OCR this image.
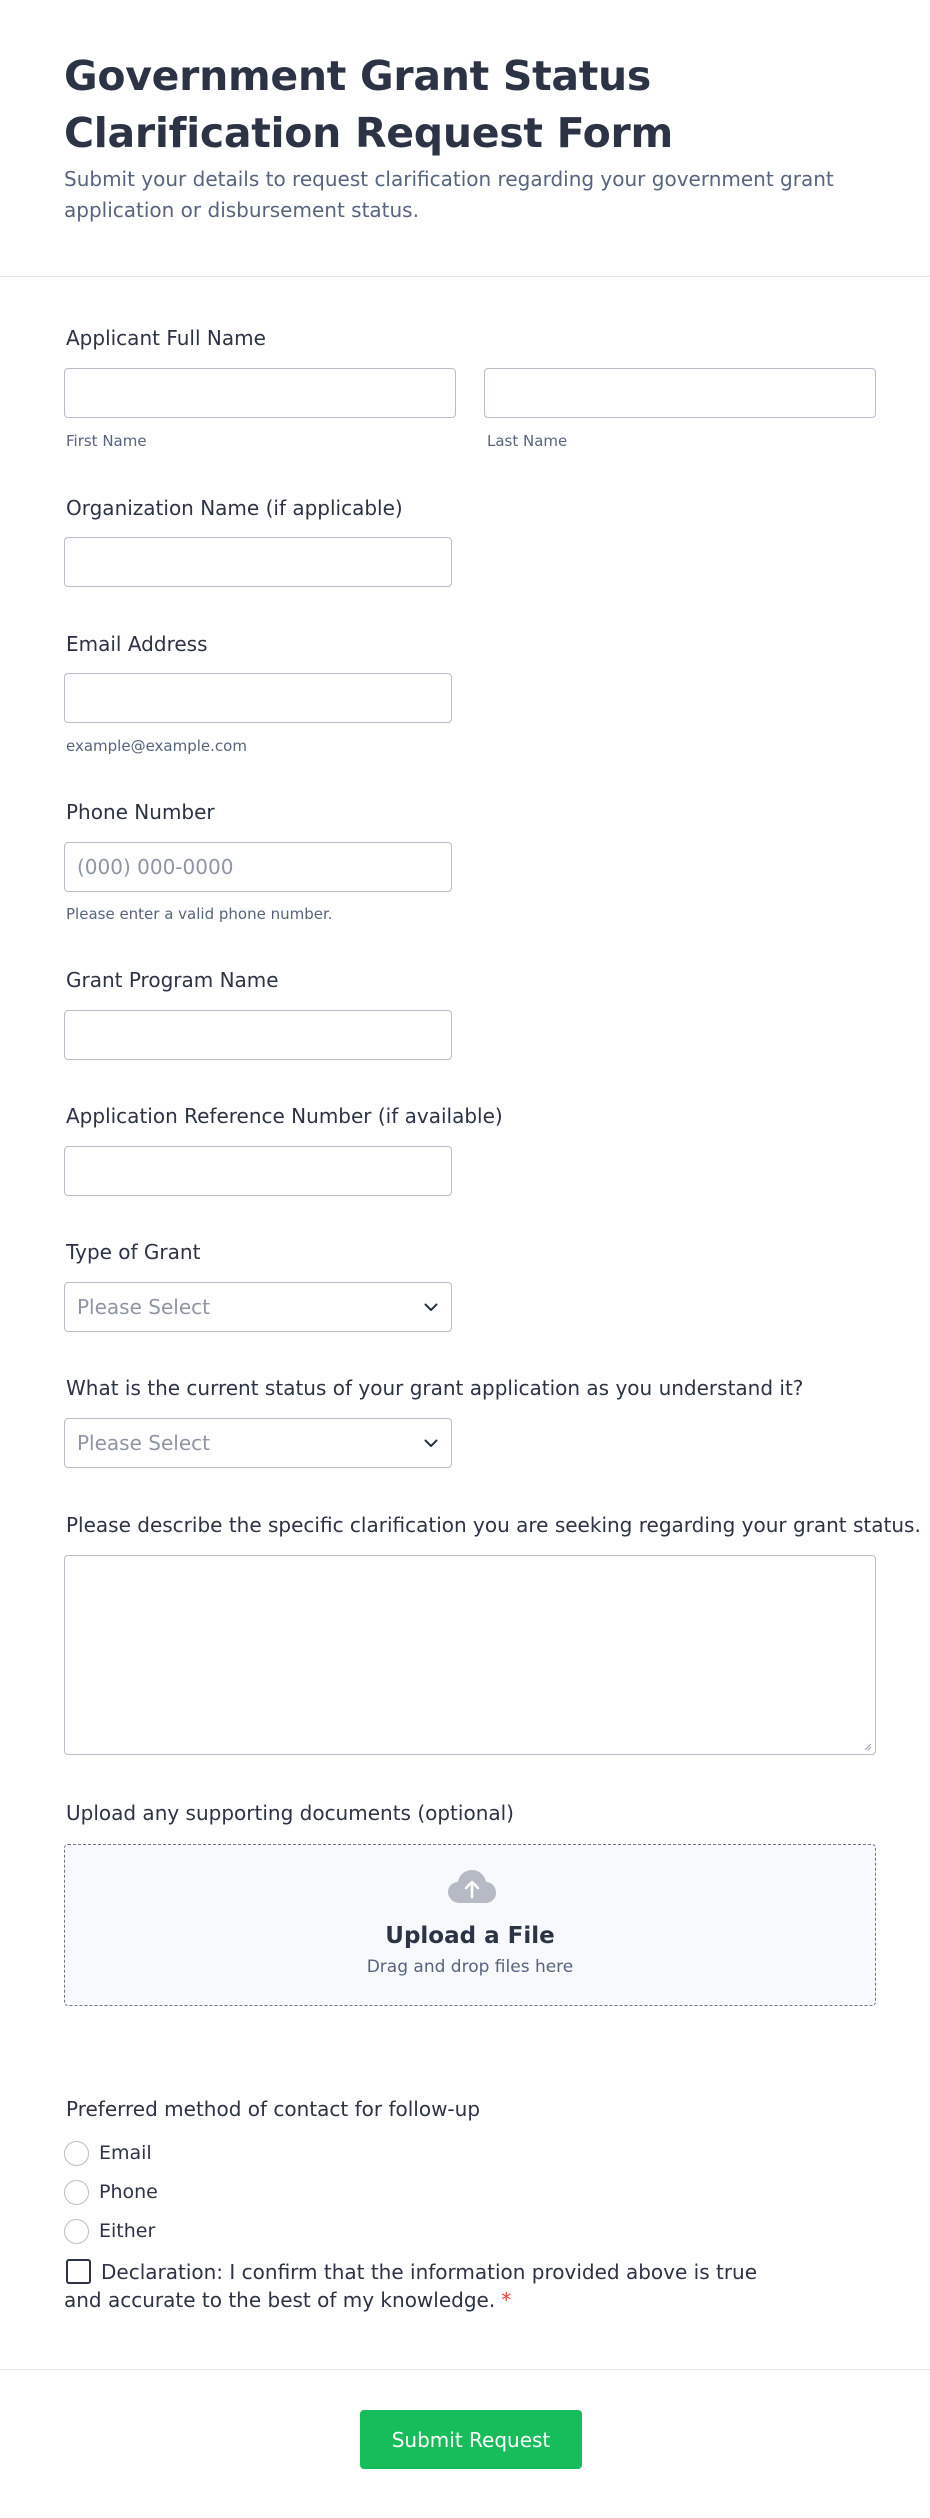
Government Grant Status Clarification Request Form

Submit your details to request clarification regarding your government grant application or disbursement status.

Applicant Full Name
First Name	Last Name
Organization Name (if applicable)
Email Address
example@example.com
Phone Number
(000) 000-0000
Please enter a valid phone number.
Grant Program Name
Application Reference Number (if available)
Type of Grant
Please Select
What is the current status of your grant application as you understand it?
Please Select
Please describe the specific clarification you are seeking regarding your grant status.
Upload any supporting documents (optional)
Upload a File
Drag and drop files here
Preferred method of contact for follow-up
Email
Phone
Either
Declaration: I confirm that the information provided above is true and accurate to the best of my knowledge. *
Submit Request
